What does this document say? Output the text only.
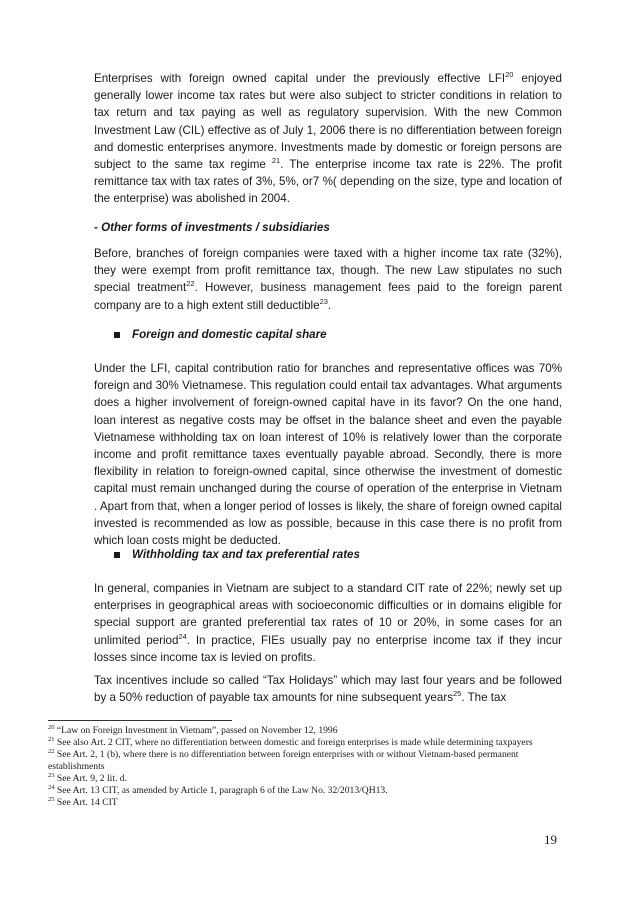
Enterprises with foreign owned capital under the previously effective LFI$^{20}$ enjoyed generally lower income tax rates but were also subject to stricter conditions in relation to tax return and tax paying as well as regulatory supervision. With the new Common Investment Law (CIL) effective as of July 1, 2006 there is no differentiation between foreign and domestic enterprises anymore. Investments made by domestic or foreign persons are subject to the same tax regime $^{21}$. The enterprise income tax rate is 22%. The profit remittance tax with tax rates of 3%, 5%, or7 %( depending on the size, type and location of the enterprise) was abolished in 2004.

- Other forms of investments / subsidiaries

Before, branches of foreign companies were taxed with a higher income tax rate (32%), they were exempt from profit remittance tax, though. The new Law stipulates no such special treatment$^{22}$. However, business management fees paid to the foreign parent company are to a high extent still deductible$^{23}$.

Foreign and domestic capital share

Under the LFI, capital contribution ratio for branches and representative offices was 70% foreign and 30% Vietnamese. This regulation could entail tax advantages. What arguments does a higher involvement of foreign-owned capital have in its favor? On the one hand, loan interest as negative costs may be offset in the balance sheet and even the payable Vietnamese withholding tax on loan interest of 10% is relatively lower than the corporate income and profit remittance taxes eventually payable abroad. Secondly, there is more flexibility in relation to foreign-owned capital, since otherwise the investment of domestic capital must remain unchanged during the course of operation of the enterprise in Vietnam . Apart from that, when a longer period of losses is likely, the share of foreign owned capital invested is recommended as low as possible, because in this case there is no profit from which loan costs might be deducted.

Withholding tax and tax preferential rates

In general, companies in Vietnam are subject to a standard CIT rate of 22%; newly set up enterprises in geographical areas with socioeconomic difficulties or in domains eligible for special support are granted preferential tax rates of 10 or 20%, in some cases for an unlimited period$^{24}$. In practice, FIEs usually pay no enterprise income tax if they incur losses since income tax is levied on profits.

Tax incentives include so called “Tax Holidays” which may last four years and be followed by a 50% reduction of payable tax amounts for nine subsequent years$^{25}$. The tax

$^{20}$ “Law on Foreign Investment in Vietnam”, passed on November 12, 1996

$^{21}$ See also Art. 2 CIT, where no differentiation between domestic and foreign enterprises is made while determining taxpayers

$^{22}$ See Art. 2, 1 (b), where there is no differentiation between foreign enterprises with or without Vietnam-based permanent establishments

$^{23}$ See Art. 9, 2 lit. d.

$^{24}$ See Art. 13 CIT, as amended by Article 1, paragraph 6 of the Law No. 32/2013/QH13.

$^{25}$ See Art. 14 CIT

19
